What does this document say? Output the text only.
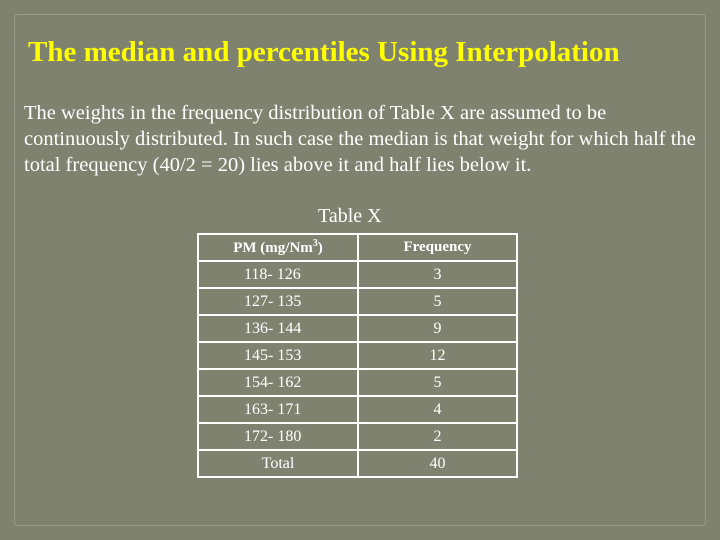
The median and percentiles Using Interpolation

The weights in the frequency distribution of Table X are assumed to be continuously distributed. In such case the median is that weight for which half the total frequency (40/2 = 20) lies above it and half lies below it.

Table X
PM (mg/Nm$^3$)	Frequency
118- 126	3
127- 135	5
136- 144	9
145- 153	12
154- 162	5
163- 171	4
172- 180	2
Total	40
